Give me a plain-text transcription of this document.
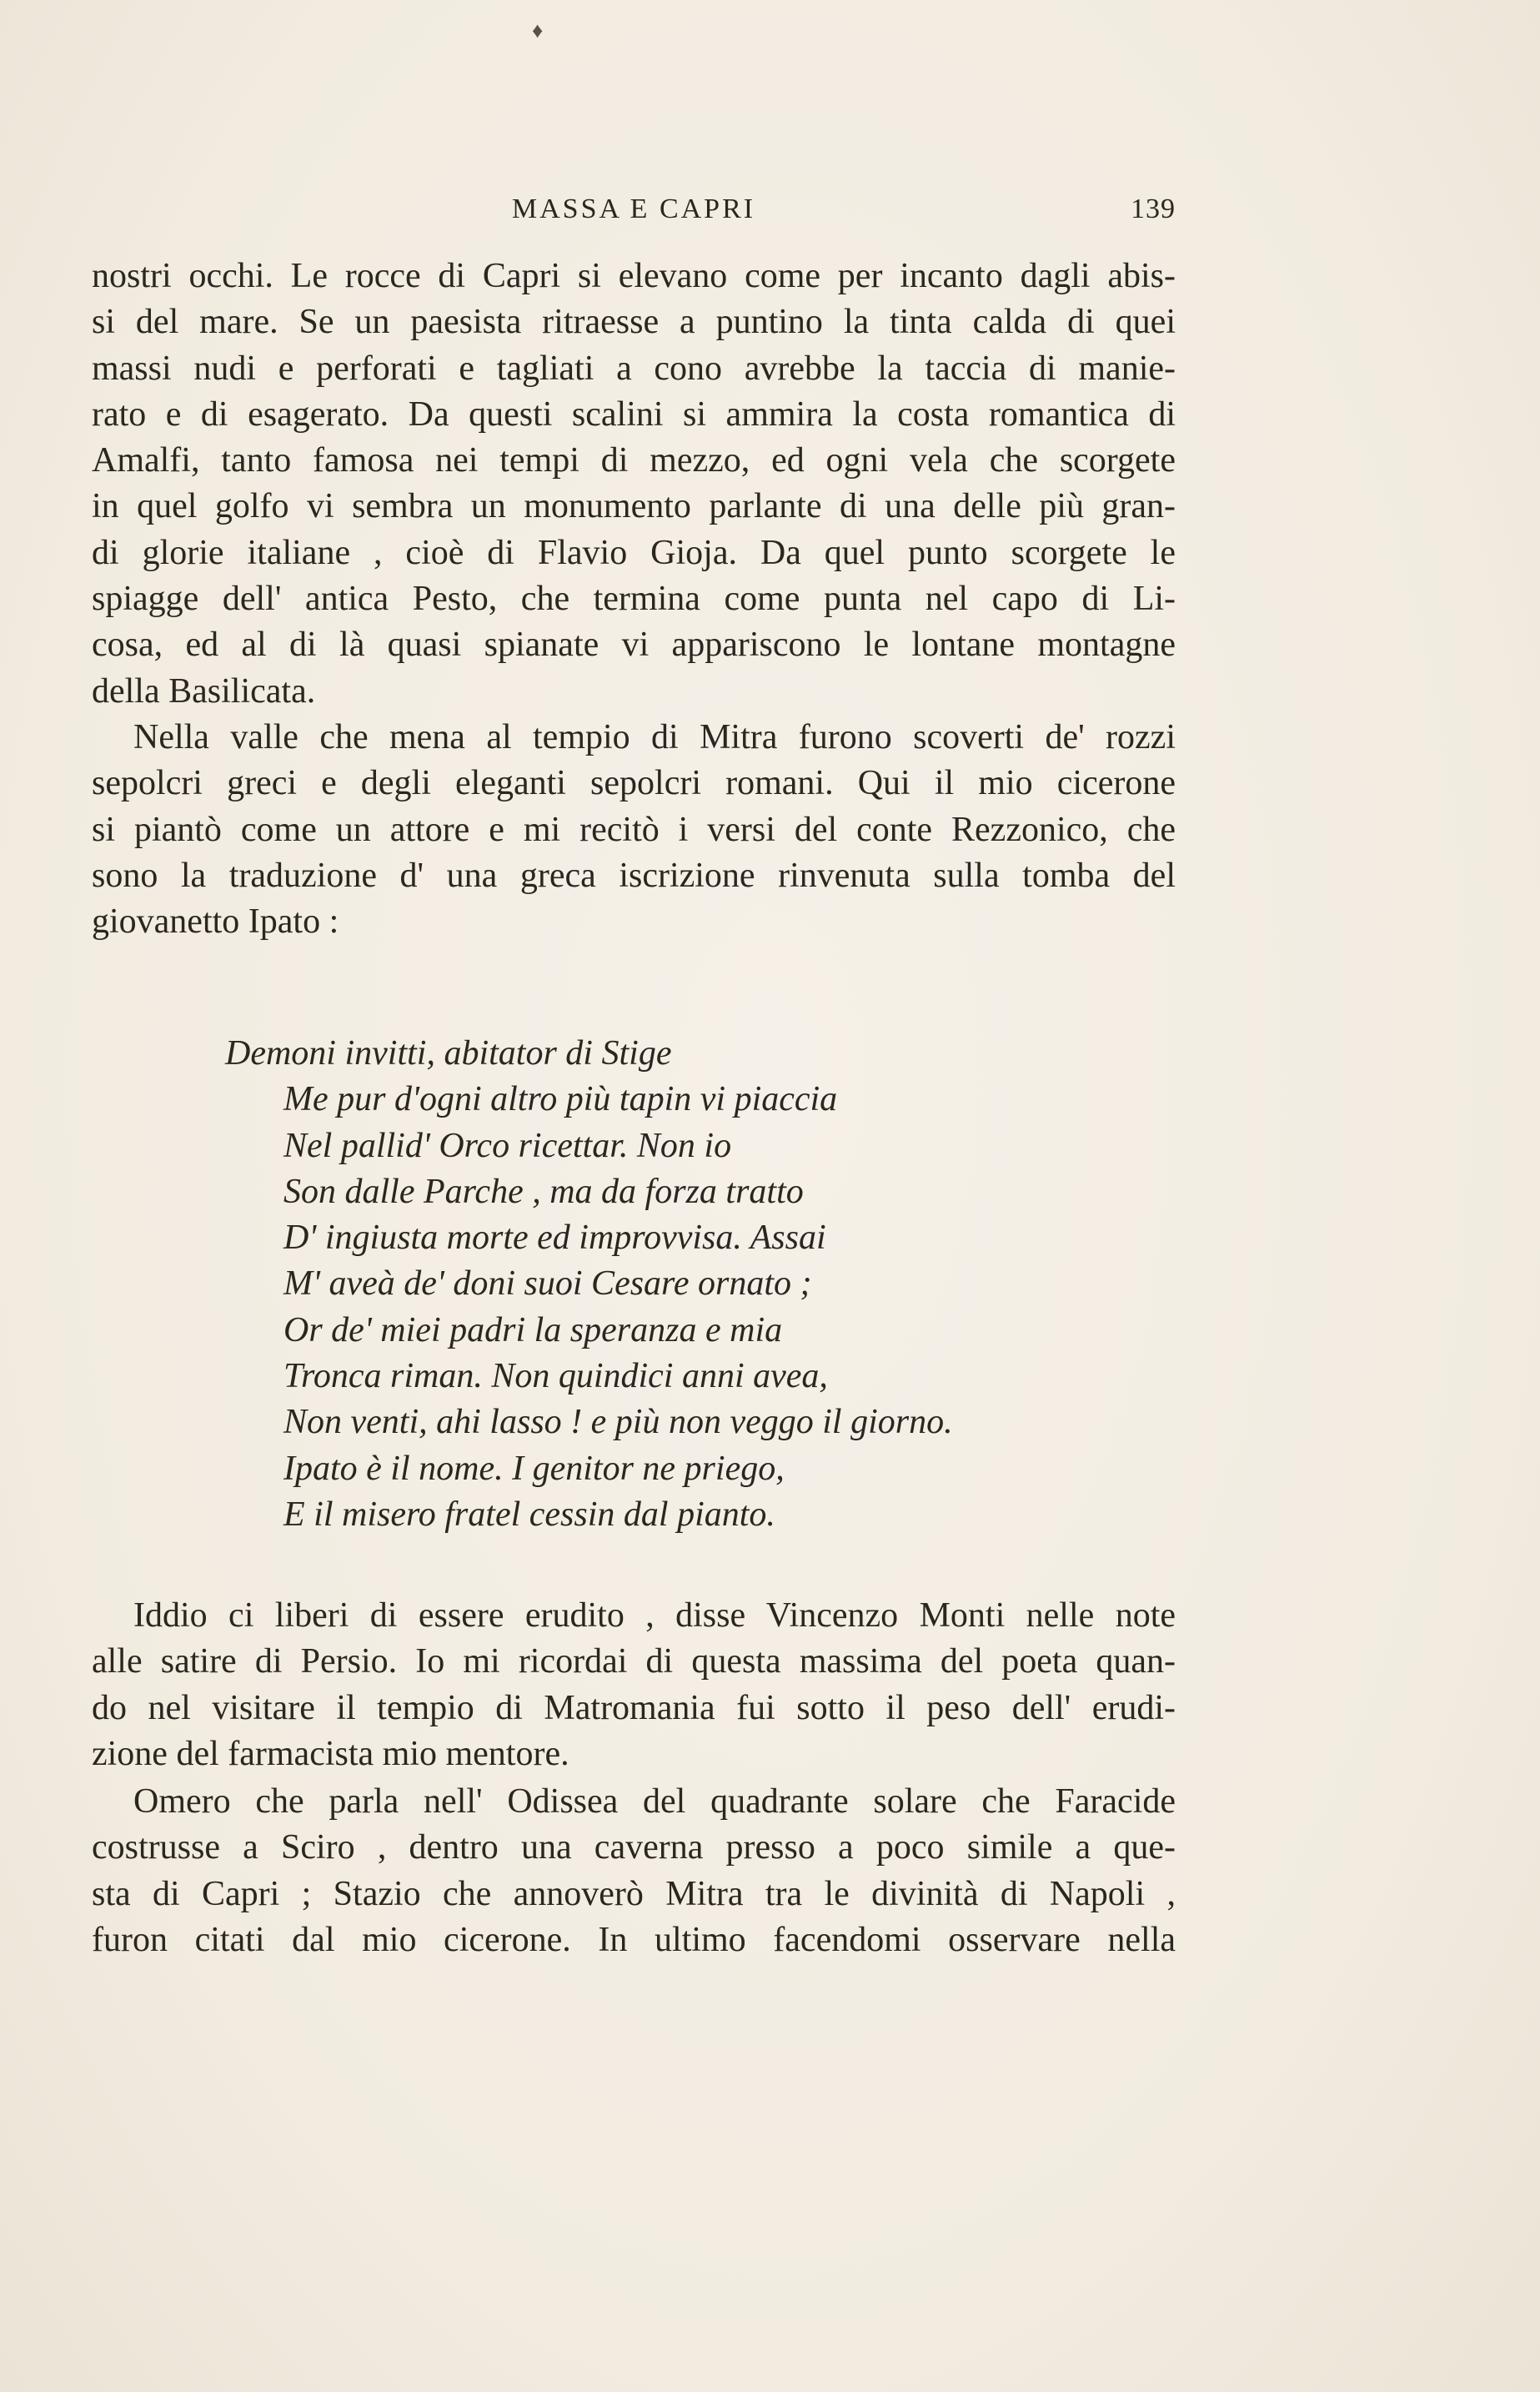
♦
MASSA E CAPRI	139
nostri occhi. Le rocce di Capri si elevano come per incanto dagli abis-
si del mare. Se un paesista ritraesse a puntino la tinta calda di quei
massi nudi e perforati e tagliati a cono avrebbe la taccia di manie-
rato e di esagerato. Da questi scalini si ammira la costa romantica di
Amalfi, tanto famosa nei tempi di mezzo, ed ogni vela che scorgete
in quel golfo vi sembra un monumento parlante di una delle più gran-
di glorie italiane , cioè di Flavio Gioja. Da quel punto scorgete le
spiagge dell' antica Pesto, che termina come punta nel capo di Li-
cosa, ed al di là quasi spianate vi appariscono le lontane montagne
della Basilicata.
Nella valle che mena al tempio di Mitra furono scoverti de' rozzi
sepolcri greci e degli eleganti sepolcri romani. Qui il mio cicerone
si piantò come un attore e mi recitò i versi del conte Rezzonico, che
sono la traduzione d' una greca iscrizione rinvenuta sulla tomba del
giovanetto Ipato :
Demoni invitti, abitator di Stige
Me pur d'ogni altro più tapin vi piaccia
Nel pallid' Orco ricettar. Non io
Son dalle Parche , ma da forza tratto
D' ingiusta morte ed improvvisa. Assai
M' aveà de' doni suoi Cesare ornato ;
Or de' miei padri la speranza e mia
Tronca riman. Non quindici anni avea,
Non venti, ahi lasso ! e più non veggo il giorno.
Ipato è il nome. I genitor ne priego,
E il misero fratel cessin dal pianto.
Iddio ci liberi di essere erudito , disse Vincenzo Monti nelle note
alle satire di Persio. Io mi ricordai di questa massima del poeta quan-
do nel visitare il tempio di Matromania fui sotto il peso dell' erudi-
zione del farmacista mio mentore.
Omero che parla nell' Odissea del quadrante solare che Faracide
costrusse a Sciro , dentro una caverna presso a poco simile a que-
sta di Capri ; Stazio che annoverò Mitra tra le divinità di Napoli ,
furon citati dal mio cicerone. In ultimo facendomi osservare nella
